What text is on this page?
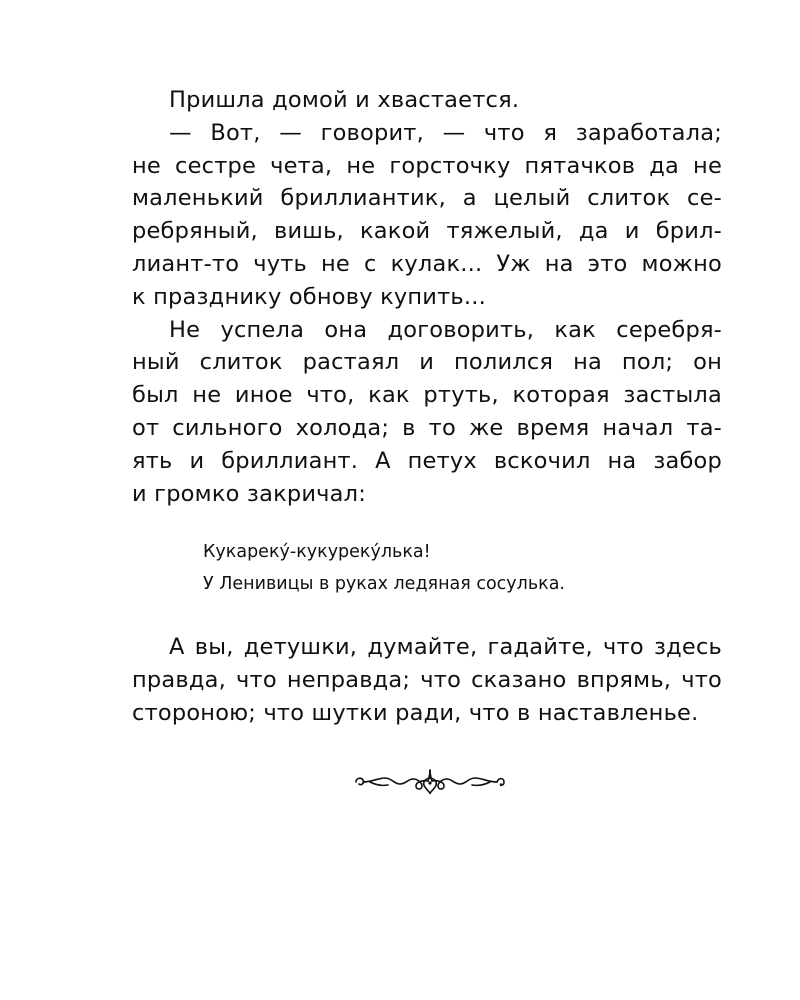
Пришла домой и хвастается.
— Вот, — говорит, — что я заработала;
не сестре чета, не горсточку пятачков да не
маленький бриллиантик, а целый слиток се-
ребряный, вишь, какой тяжелый, да и брил-
лиант-то чуть не с кулак... Уж на это можно
к празднику обнову купить...
Не успела она договорить, как серебря-
ный слиток растаял и полился на пол; он
был не иное что, как ртуть, которая застыла
от сильного холода; в то же время начал та-
ять и бриллиант. А петух вскочил на забор
и громко закричал:
Кукареку́-кукуреку́лька!
У Ленивицы в руках ледяная сосулька.
А вы, детушки, думайте, гадайте, что здесь
правда, что неправда; что сказано впрямь, что
стороною; что шутки ради, что в наставленье.
